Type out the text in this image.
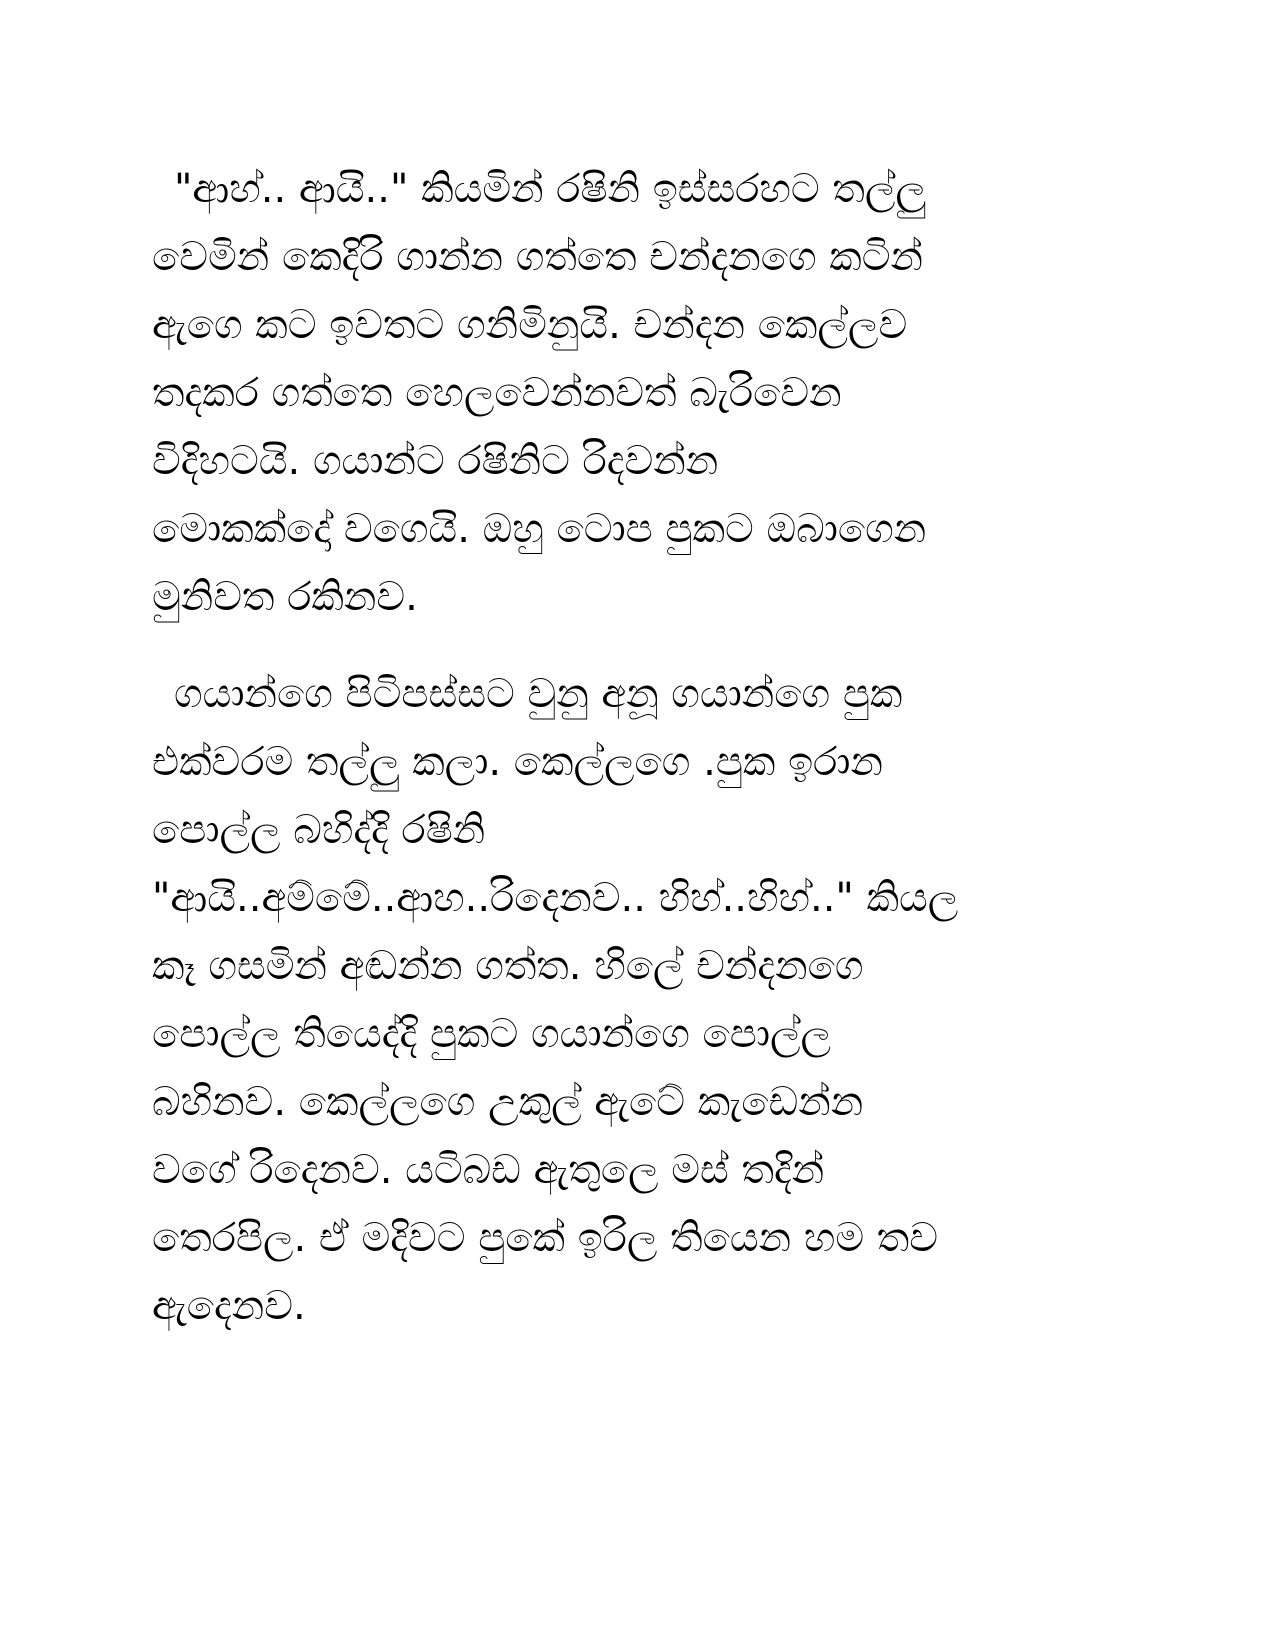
"ආහ්.. ආයි.." කියමින් රෂිනි ඉස්සරහට තල්ලු
වෙමින් කෙදිරි ගාන්න ගත්තෙ චන්දනගෙ කටින්
ඇගෙ කට ඉවතට ගනිමිනුයි. චන්දන කෙල්ලව
තදකර ගත්තෙ හෙලවෙන්නවත් බැරිවෙන
විදිහටයි. ගයාන්ට රෂිනිට රිදවන්න
මොකක්දෝ වගෙයි. ඔහු ටොප පුකට ඔබාගෙන
මුනිවත රකිනව.
ගයාන්ගෙ පිටිපස්සට වුනු අනූ ගයාන්ගෙ පුක
එක්වරම තල්ලු කලා. කෙල්ලගෙ .පුක ඉරාන
පොල්ල බහිද්දි රෂිනි
"ආයි..අම්මේ..ආහ..රිදෙනව.. හිහ්..හිහ්.." කියල
කෑ ගසමින් අඬන්න ගත්ත. හිලේ චන්දනගෙ
පොල්ල තියෙද්දි පුකට ගයාන්ගෙ පොල්ල
බහිනව. කෙල්ලගෙ උකුල් ඇටේ කැඩෙන්න
වගේ රිදෙනව. යටිබඩ ඇතුලෙ මස් තදින්
තෙරපිල. ඒ මදිවට පුකේ ඉරිල තියෙන හම තව
ඇදෙනව.
